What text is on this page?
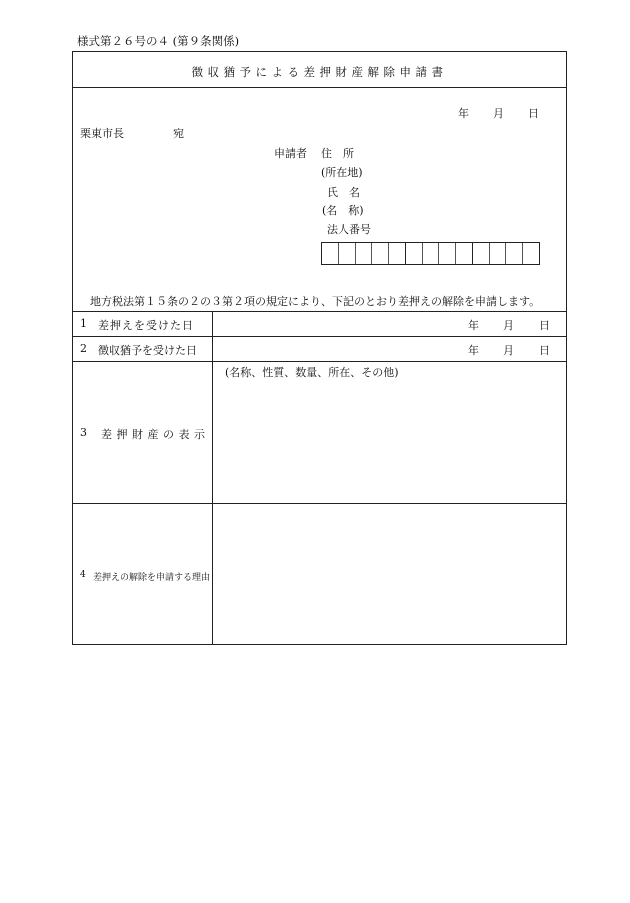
様式第２６号の４ (第９条関係)
徴収猶予による差押財産解除申請書
年 月 日
栗東市長	宛
申請者 住　所
(所在地)
氏　名
(名　称)
法人番号
地方税法第１５条の２の３第２項の規定により、下記のとおり差押えの解除を申請します。
1 差押えを受けた日	年 月 日
2 徴収猶予を受けた日	年 月 日
3 差押財産の表示
(名称、性質、数量、所在、その他)
4 差押えの解除を申請する理由
